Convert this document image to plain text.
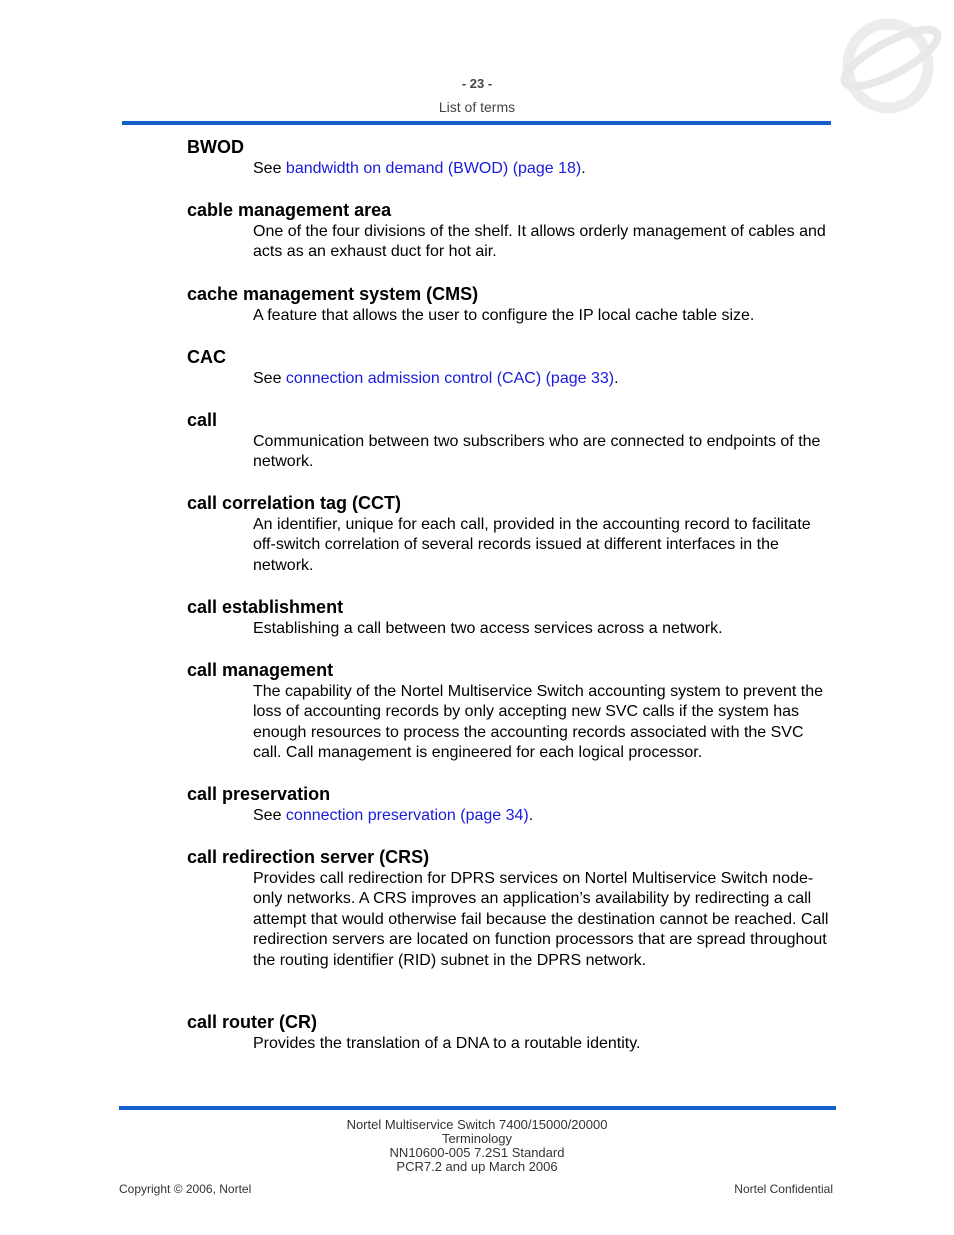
- 23 -
List of terms

BWOD

See bandwidth on demand (BWOD) (page 18).

cable management area

One of the four divisions of the shelf. It allows orderly management of cables and acts as an exhaust duct for hot air.

cache management system (CMS)

A feature that allows the user to configure the IP local cache table size.

CAC

See connection admission control (CAC) (page 33).

call

Communication between two subscribers who are connected to endpoints of the network.

call correlation tag (CCT)

An identifier, unique for each call, provided in the accounting record to facilitate off-switch correlation of several records issued at different interfaces in the network.

call establishment

Establishing a call between two access services across a network.

call management

The capability of the Nortel Multiservice Switch accounting system to prevent the loss of accounting records by only accepting new SVC calls if the system has enough resources to process the accounting records associated with the SVC call. Call management is engineered for each logical processor.

call preservation

See connection preservation (page 34).

call redirection server (CRS)

Provides call redirection for DPRS services on Nortel Multiservice Switch node-only networks. A CRS improves an application’s availability by redirecting a call attempt that would otherwise fail because the destination cannot be reached. Call redirection servers are located on function processors that are spread throughout the routing identifier (RID) subnet in the DPRS network.

call router (CR)

Provides the translation of a DNA to a routable identity.

Nortel Multiservice Switch 7400/15000/20000
Terminology
NN10600-005 7.2S1 Standard
PCR7.2 and up March 2006
Copyright © 2006, Nortel	Nortel Confidential
